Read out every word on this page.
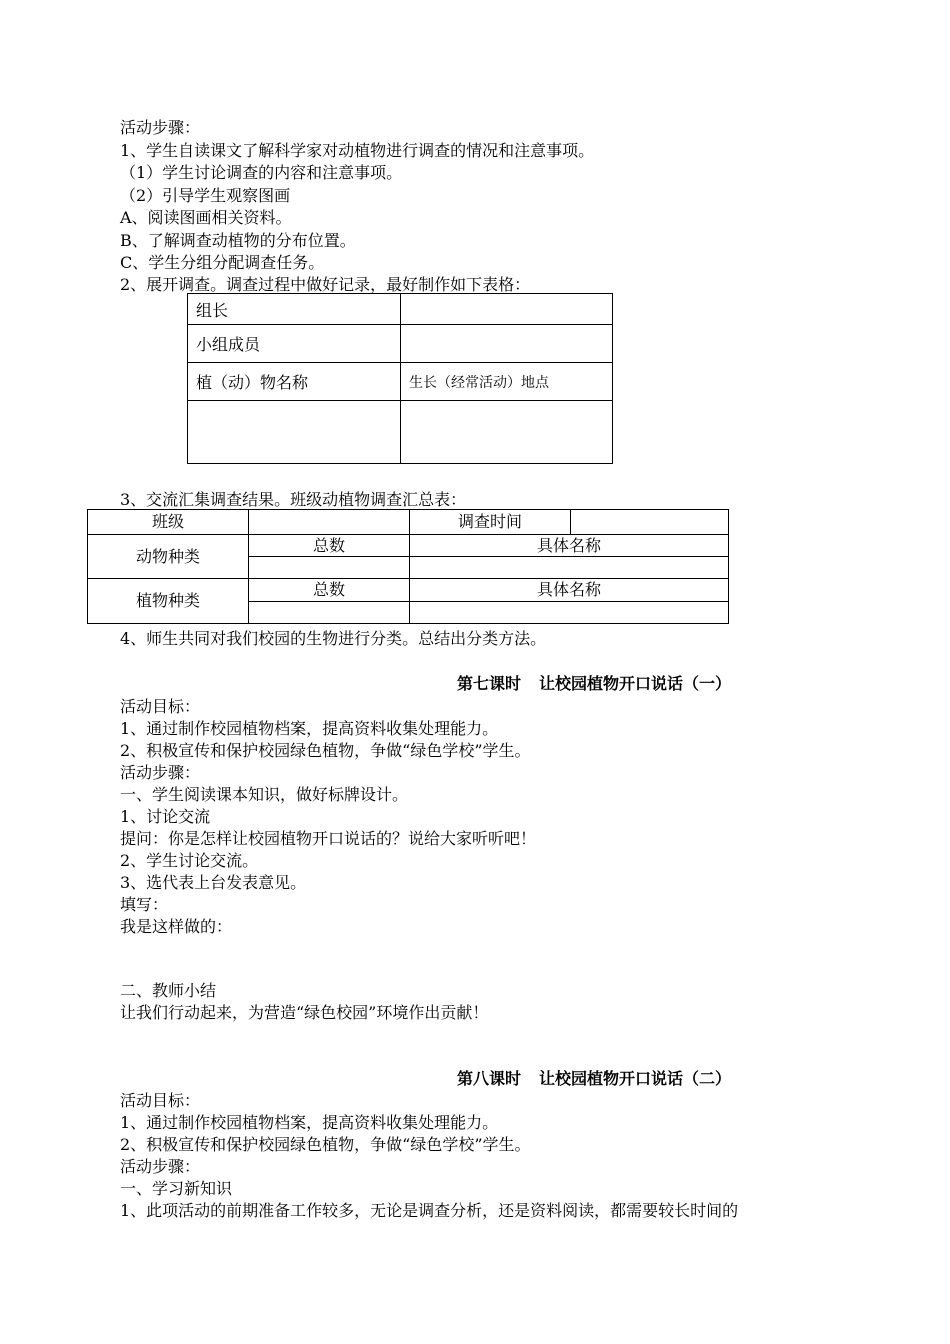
活动步骤：
1、学生自读课文了解科学家对动植物进行调查的情况和注意事项。
（1）学生讨论调查的内容和注意事项。
（2）引导学生观察图画
A、阅读图画相关资料。
B、了解调查动植物的分布位置。
C、学生分组分配调查任务。
2、展开调查。调查过程中做好记录，最好制作如下表格：
组长	
小组成员	
植（动）物名称	生长（经常活动）地点

3、交流汇集调查结果。班级动植物调查汇总表：
班级		调查时间	
动物种类	总数	具体名称	

植物种类	总数	具体名称	

4、师生共同对我们校园的生物进行分类。总结出分类方法。
第七课时 让校园植物开口说话（一）
活动目标：
1、通过制作校园植物档案，提高资料收集处理能力。
2、积极宣传和保护校园绿色植物，争做“绿色学校”学生。
活动步骤：
一、学生阅读课本知识，做好标牌设计。
1、讨论交流
提问：你是怎样让校园植物开口说话的？说给大家听听吧！
2、学生讨论交流。
3、选代表上台发表意见。
填写：
我是这样做的：
二、教师小结
让我们行动起来，为营造“绿色校园”环境作出贡献！
第八课时 让校园植物开口说话（二）
活动目标：
1、通过制作校园植物档案，提高资料收集处理能力。
2、积极宣传和保护校园绿色植物，争做“绿色学校”学生。
活动步骤：
一、学习新知识
1、此项活动的前期准备工作较多，无论是调查分析，还是资料阅读，都需要较长时间的
